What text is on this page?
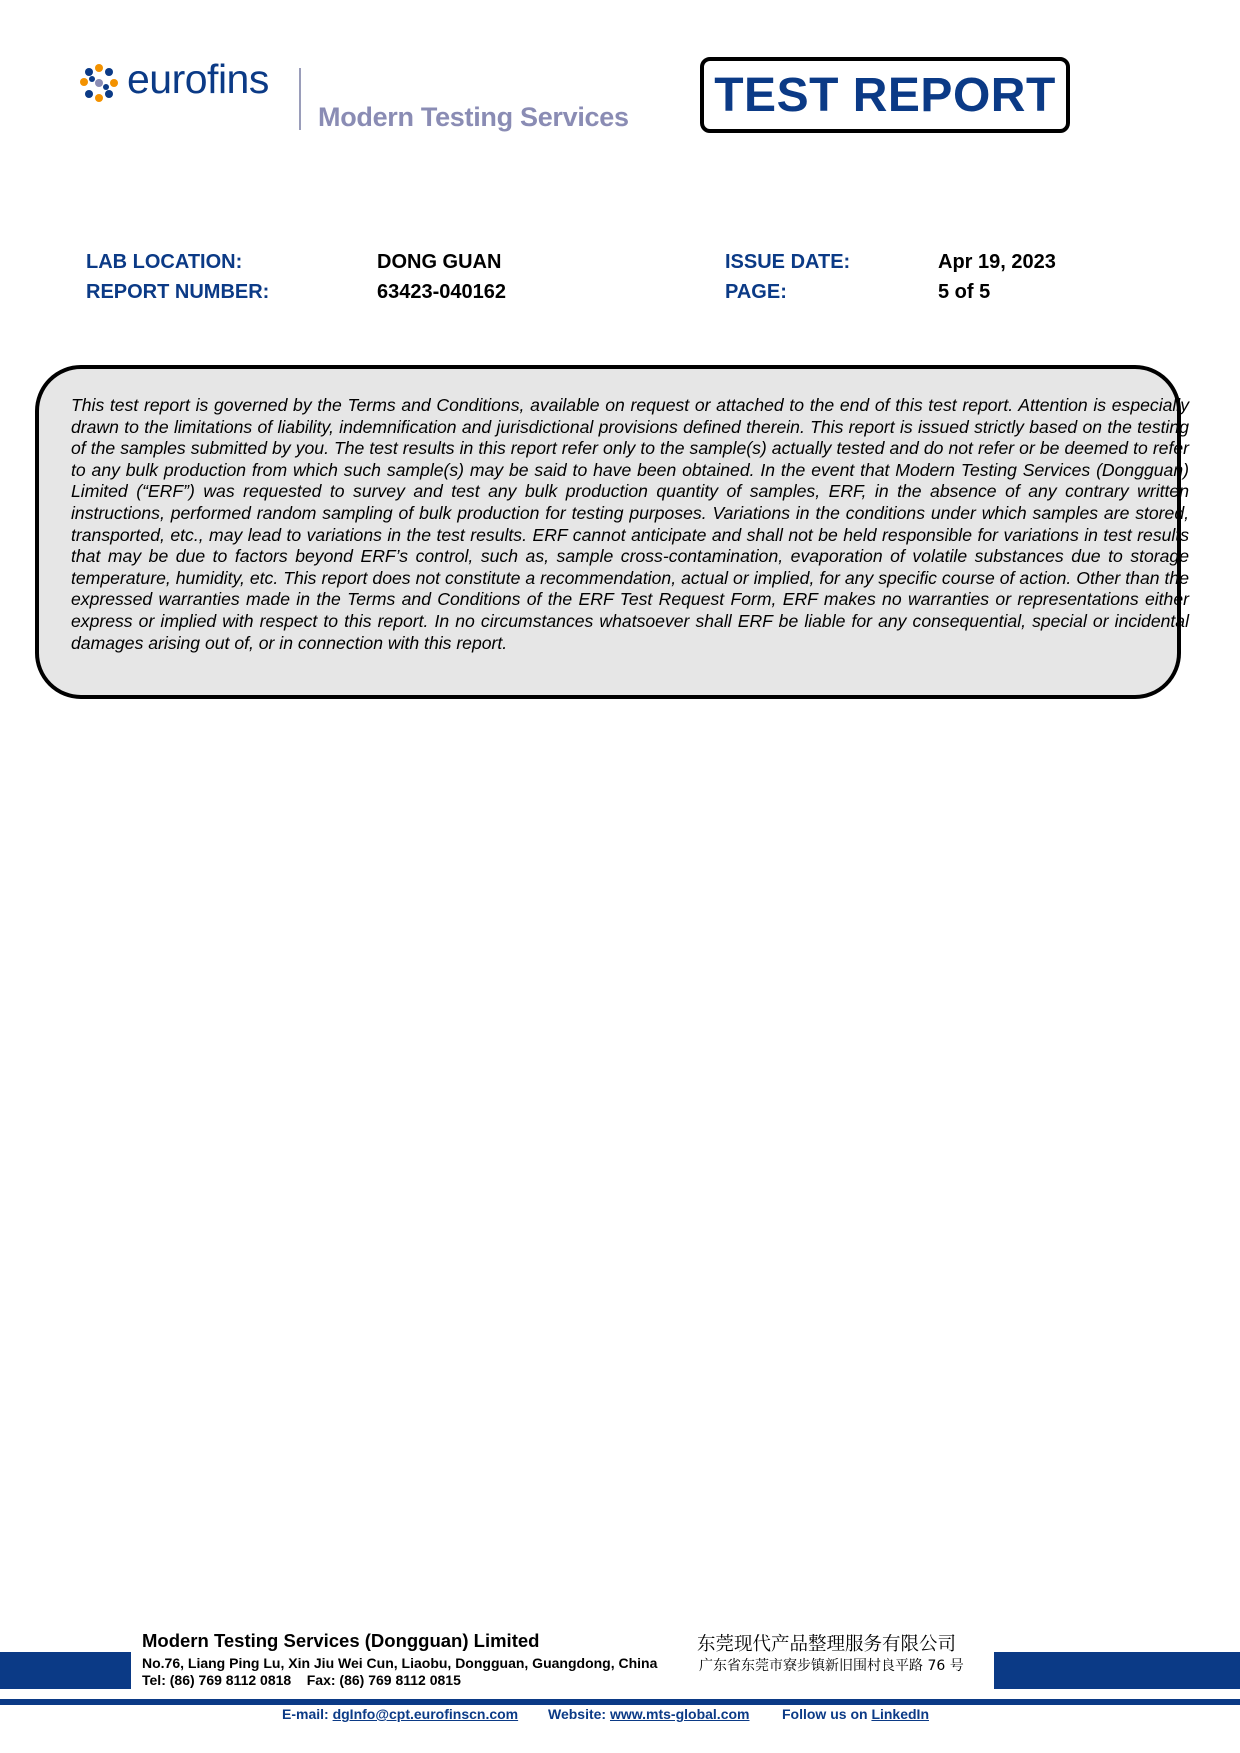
eurofins
Modern Testing Services TEST REPORT
LAB LOCATION:	DONG GUAN
REPORT NUMBER:	63423-040162
ISSUE DATE:	Apr 19, 2023
PAGE:	5 of 5

This test report is governed by the Terms and Conditions, available on request or attached to the end of this test report. Attention is especially drawn to the limitations of liability, indemnification and jurisdictional provisions defined therein. This report is issued strictly based on the testing of the samples submitted by you. The test results in this report refer only to the sample(s) actually tested and do not refer or be deemed to refer to any bulk production from which such sample(s) may be said to have been obtained. In the event that Modern Testing Services (Dongguan) Limited (“ERF”) was requested to survey and test any bulk production quantity of samples, ERF, in the absence of any contrary written instructions, performed random sampling of bulk production for testing purposes. Variations in the conditions under which samples are stored, transported, etc., may lead to variations in the test results. ERF cannot anticipate and shall not be held responsible for variations in test results that may be due to factors beyond ERF’s control, such as, sample cross-contamination, evaporation of volatile substances due to storage temperature, humidity, etc. This report does not constitute a recommendation, actual or implied, for any specific course of action. Other than the expressed warranties made in the Terms and Conditions of the ERF Test Request Form, ERF makes no warranties or representations either express or implied with respect to this report. In no circumstances whatsoever shall ERF be liable for any consequential, special or incidental damages arising out of, or in connection with this report.

Modern Testing Services (Dongguan) Limited
No.76, Liang Ping Lu, Xin Jiu Wei Cun, Liaobu, Dongguan, Guangdong, China
Tel: (86) 769 8112 0818    Fax: (86) 769 8112 0815
东莞现代产品整理服务有限公司
广东省东莞市寮步镇新旧围村良平路 76 号
E-mail: dgInfo@cpt.eurofinscn.com Website: www.mts-global.com Follow us on LinkedIn
